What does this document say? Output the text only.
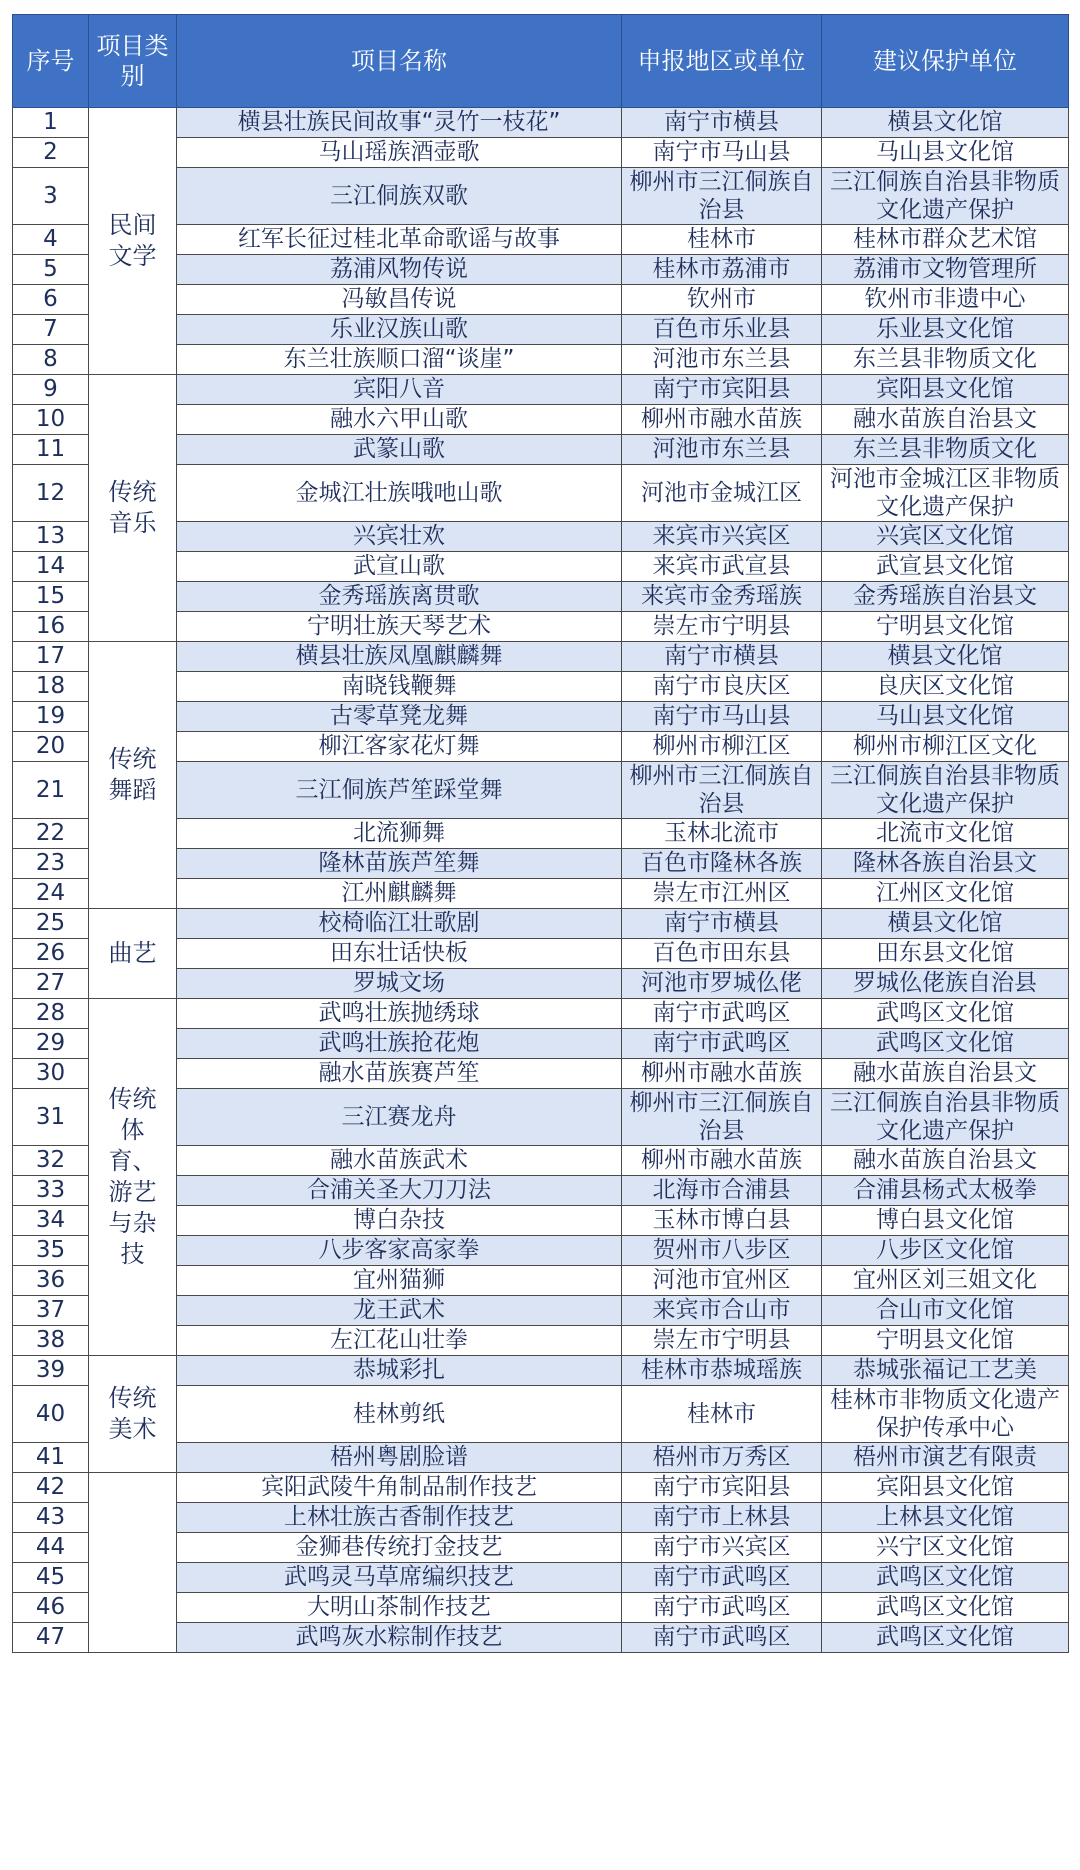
序号	项目类别	项目名称	申报地区或单位	建议保护单位
1	民间文学	横县壮族民间故事“灵竹一枝花”	南宁市横县	横县文化馆
2		马山瑶族酒壶歌	南宁市马山县	马山县文化馆
3		三江侗族双歌	柳州市三江侗族自治县	三江侗族自治县非物质文化遗产保护
4		红军长征过桂北革命歌谣与故事	桂林市	桂林市群众艺术馆
5		荔浦风物传说	桂林市荔浦市	荔浦市文物管理所
6		冯敏昌传说	钦州市	钦州市非遗中心
7		乐业汉族山歌	百色市乐业县	乐业县文化馆
8		东兰壮族顺口溜“谈崖”	河池市东兰县	东兰县非物质文化
9	传统音乐	宾阳八音	南宁市宾阳县	宾阳县文化馆
10		融水六甲山歌	柳州市融水苗族	融水苗族自治县文
11		武篆山歌	河池市东兰县	东兰县非物质文化
12		金城江壮族哦吔山歌	河池市金城江区	河池市金城江区非物质文化遗产保护
13		兴宾壮欢	来宾市兴宾区	兴宾区文化馆
14		武宣山歌	来宾市武宣县	武宣县文化馆
15		金秀瑶族离贯歌	来宾市金秀瑶族	金秀瑶族自治县文
16		宁明壮族天琴艺术	崇左市宁明县	宁明县文化馆
17	传统舞蹈	横县壮族凤凰麒麟舞	南宁市横县	横县文化馆
18		南晓钱鞭舞	南宁市良庆区	良庆区文化馆
19		古零草凳龙舞	南宁市马山县	马山县文化馆
20		柳江客家花灯舞	柳州市柳江区	柳州市柳江区文化
21		三江侗族芦笙踩堂舞	柳州市三江侗族自治县	三江侗族自治县非物质文化遗产保护
22		北流狮舞	玉林北流市	北流市文化馆
23		隆林苗族芦笙舞	百色市隆林各族	隆林各族自治县文
24		江州麒麟舞	崇左市江州区	江州区文化馆
25	曲艺	校椅临江壮歌剧	南宁市横县	横县文化馆
26		田东壮话快板	百色市田东县	田东县文化馆
27		罗城文场	河池市罗城仫佬	罗城仫佬族自治县
28	传统体育、游艺与杂技	武鸣壮族抛绣球	南宁市武鸣区	武鸣区文化馆
29		武鸣壮族抢花炮	南宁市武鸣区	武鸣区文化馆
30		融水苗族赛芦笙	柳州市融水苗族	融水苗族自治县文
31		三江赛龙舟	柳州市三江侗族自治县	三江侗族自治县非物质文化遗产保护
32		融水苗族武术	柳州市融水苗族	融水苗族自治县文
33		合浦关圣大刀刀法	北海市合浦县	合浦县杨式太极拳
34		博白杂技	玉林市博白县	博白县文化馆
35		八步客家高家拳	贺州市八步区	八步区文化馆
36		宜州猫狮	河池市宜州区	宜州区刘三姐文化
37		龙王武术	来宾市合山市	合山市文化馆
38		左江花山壮拳	崇左市宁明县	宁明县文化馆
39	传统美术	恭城彩扎	桂林市恭城瑶族	恭城张福记工艺美
40		桂林剪纸	桂林市	桂林市非物质文化遗产保护传承中心
41		梧州粤剧脸谱	梧州市万秀区	梧州市演艺有限责
42		宾阳武陵牛角制品制作技艺	南宁市宾阳县	宾阳县文化馆
43		上林壮族古香制作技艺	南宁市上林县	上林县文化馆
44		金狮巷传统打金技艺	南宁市兴宾区	兴宁区文化馆
45		武鸣灵马草席编织技艺	南宁市武鸣区	武鸣区文化馆
46		大明山茶制作技艺	南宁市武鸣区	武鸣区文化馆
47		武鸣灰水粽制作技艺	南宁市武鸣区	武鸣区文化馆
